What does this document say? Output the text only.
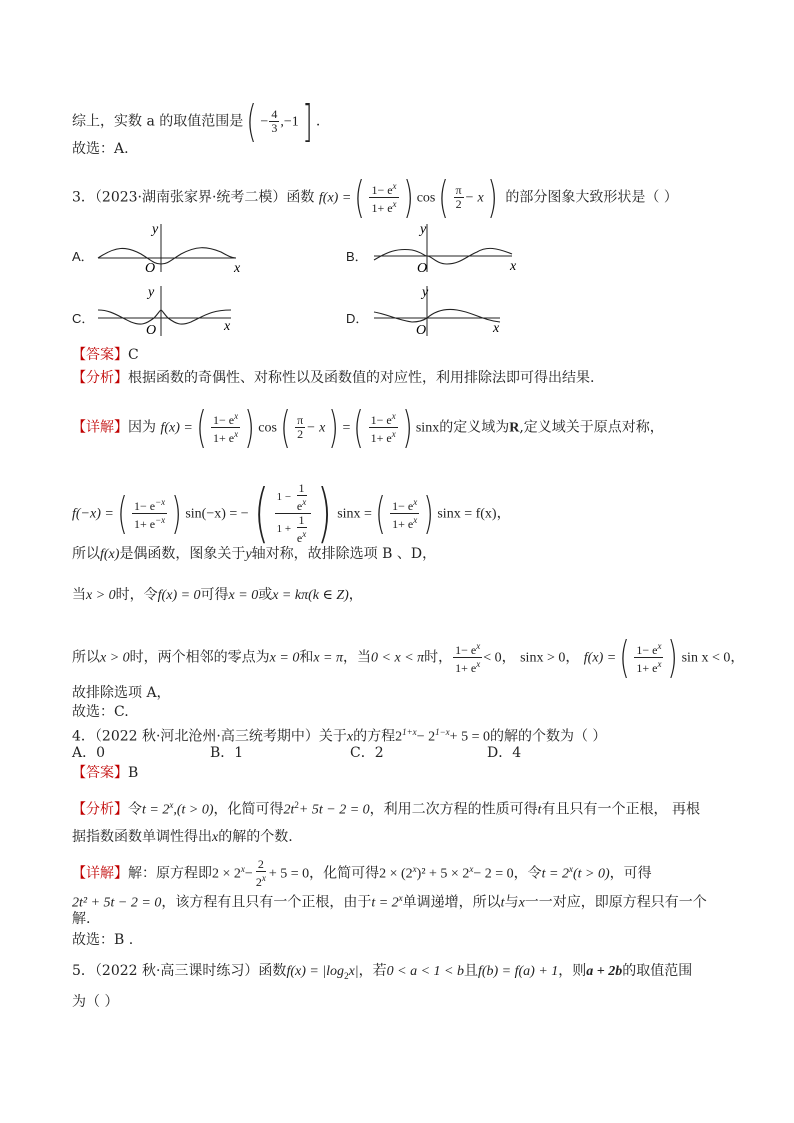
综上，实数 a 的取值范围是( − $\frac{4}{3} ,-1$] .
故选：A.
3．（2023·湖南张家界·统考二模）函数 f(x) =( $\frac{1- e^x}{1+ e^x}$ ) $\cos( \frac{\pi}{2} - x)$ 的部分图象大致形状是（ ）
A．
y
x
O
B．
y
x
O
C．
y
x
O
D．
y
x
O
【答案】C
【分析】根据函数的奇偶性、对称性以及函数值的对应性，利用排除法即可得出结果.
【详解】因为 f(x) =( $\frac{1- e^x}{1+ e^x}$ ) $\cos( \frac{\pi}{2} - x)$ =( $\frac{1- e^x}{1+ e^x}$ ) sinx的定义域为R,定义域关于原点对称，
f(−x) =( $\frac{1- e^{-x}}{1+ e^{-x}}$ ) sin(−x) = −( $\frac{1 - \frac{1}{e^x}}{1 + \frac{1}{e^x}}$ ) sinx =( $\frac{1- e^x}{1+ e^x}$ ) sinx = f(x)，
所以f(x)是偶函数，图象关于y轴对称，故排除选项 B 、D，
当x > 0时，令f(x) = 0可得x = 0或x = kπ(k ∈ Z)，
所以x > 0时，两个相邻的零点为x = 0和x = π，当0 < x < π时， $\frac{1- e^x}{1+ e^x} < 0$， sinx > 0， f(x) =( $\frac{1- e^x}{1+ e^x}$ ) sin x < 0，
故排除选项 A，
故选：C.
4．（2022 秋·河北沧州·高三统考期中）关于x的方程$2^{1+x}- 2^{1-x}+ 5 = 0$的解的个数为（ ）
A．0	B．1	C．2	D．4
【答案】B
【分析】令$t = 2^x,(t > 0)$，化简可得$2t^2+ 5t - 2 = 0$，利用二次方程的性质可得t有且只有一个正根， 再根
据指数函数单调性得出x的解的个数.
【详解】解：原方程即$2 \times 2^x- \frac{2}{2^x} + 5 = 0$，化简可得$2 \times (2^x)^2 + 5 \times 2^x- 2 = 0$，令$t = 2^x(t > 0)$，可得
2t² + 5t − 2 = 0，该方程有且只有一个正根，由于$t = 2^x$单调递增，所以t与x一一对应，即原方程只有一个
解.
故选：B .
5．（2022 秋·高三课时练习）函数$f(x) = |\log_2x|$，若0 < a < 1 < b且f(b) = f(a) + 1，则a + 2b的取值范围
为（ ）
